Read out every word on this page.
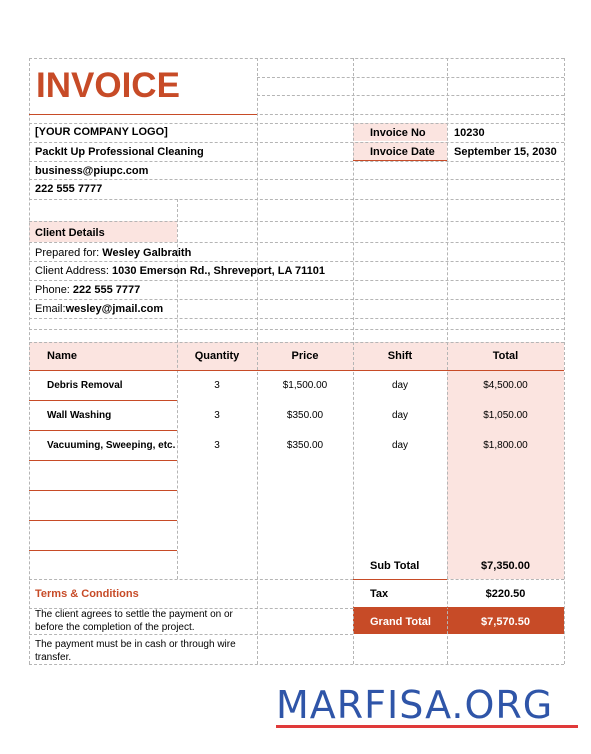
INVOICE
[YOUR COMPANY LOGO]
PackIt Up Professional Cleaning
business@piupc.com
222 555 7777
Invoice No	10230
Invoice Date September 15, 2030
Client Details
Prepared for: Wesley Galbraith
Client Address: 1030 Emerson Rd., Shreveport, LA 71101
Phone: 222 555 7777
Email:wesley@jmail.com
Name	Quantity	Price	Shift	Total
Debris Removal	3	$1,500.00	day	$4,500.00
Wall Washing	3	$350.00	day	$1,050.00
Vacuuming, Sweeping, etc.	3	$350.00	day	$1,800.00
Sub Total	$7,350.00
Tax	$220.50
Grand Total	$7,570.50
Terms & Conditions
The client agrees to settle the payment on or
before the completion of the project.
The payment must be in cash or through wire
transfer.
MARFISA.ORG
